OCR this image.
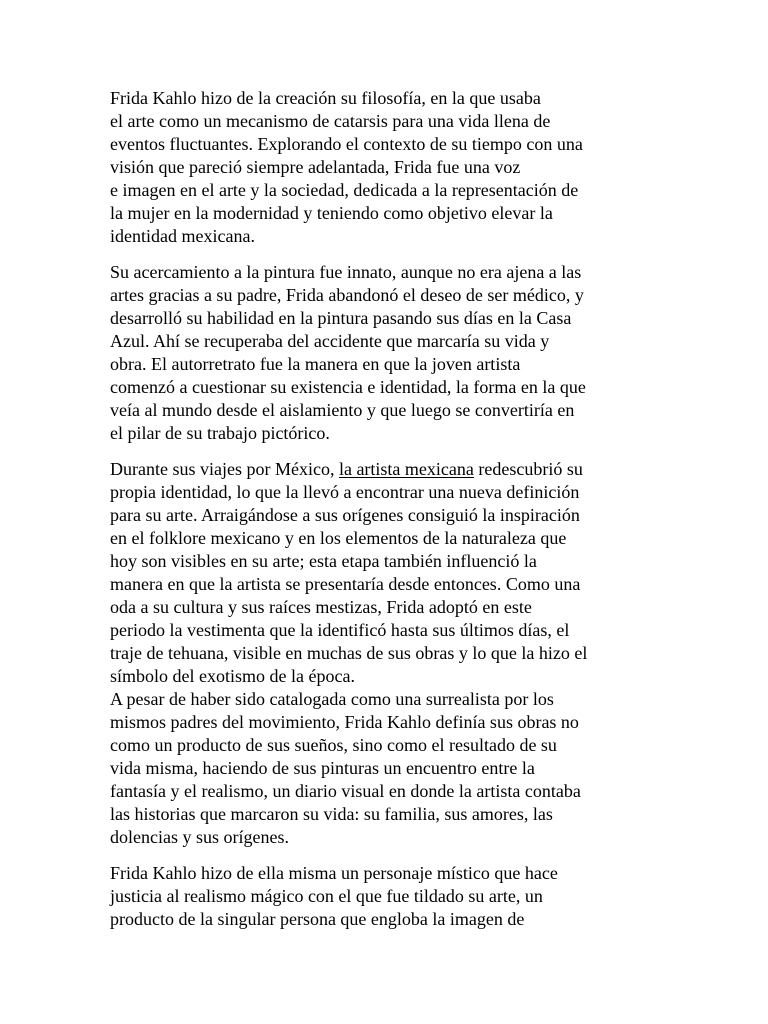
Frida Kahlo hizo de la creación su filosofía, en la que usaba

el arte como un mecanismo de catarsis para una vida llena de

eventos fluctuantes. Explorando el contexto de su tiempo con una

visión que pareció siempre adelantada, Frida fue una voz

e imagen en el arte y la sociedad, dedicada a la representación de

la mujer en la modernidad y teniendo como objetivo elevar la

identidad mexicana.

Su acercamiento a la pintura fue innato, aunque no era ajena a las

artes gracias a su padre, Frida abandonó el deseo de ser médico, y

desarrolló su habilidad en la pintura pasando sus días en la Casa

Azul. Ahí se recuperaba del accidente que marcaría su vida y

obra. El autorretrato fue la manera en que la joven artista

comenzó a cuestionar su existencia e identidad, la forma en la que

veía al mundo desde el aislamiento y que luego se convertiría en

el pilar de su trabajo pictórico.

Durante sus viajes por México, la artista mexicana redescubrió su

propia identidad, lo que la llevó a encontrar una nueva definición

para su arte. Arraigándose a sus orígenes consiguió la inspiración

en el folklore mexicano y en los elementos de la naturaleza que

hoy son visibles en su arte; esta etapa también influenció la

manera en que la artista se presentaría desde entonces. Como una

oda a su cultura y sus raíces mestizas, Frida adoptó en este

periodo la vestimenta que la identificó hasta sus últimos días, el

traje de tehuana, visible en muchas de sus obras y lo que la hizo el

símbolo del exotismo de la época.

A pesar de haber sido catalogada como una surrealista por los

mismos padres del movimiento, Frida Kahlo definía sus obras no

como un producto de sus sueños, sino como el resultado de su

vida misma, haciendo de sus pinturas un encuentro entre la

fantasía y el realismo, un diario visual en donde la artista contaba

las historias que marcaron su vida: su familia, sus amores, las

dolencias y sus orígenes.

Frida Kahlo hizo de ella misma un personaje místico que hace

justicia al realismo mágico con el que fue tildado su arte, un

producto de la singular persona que engloba la imagen de
